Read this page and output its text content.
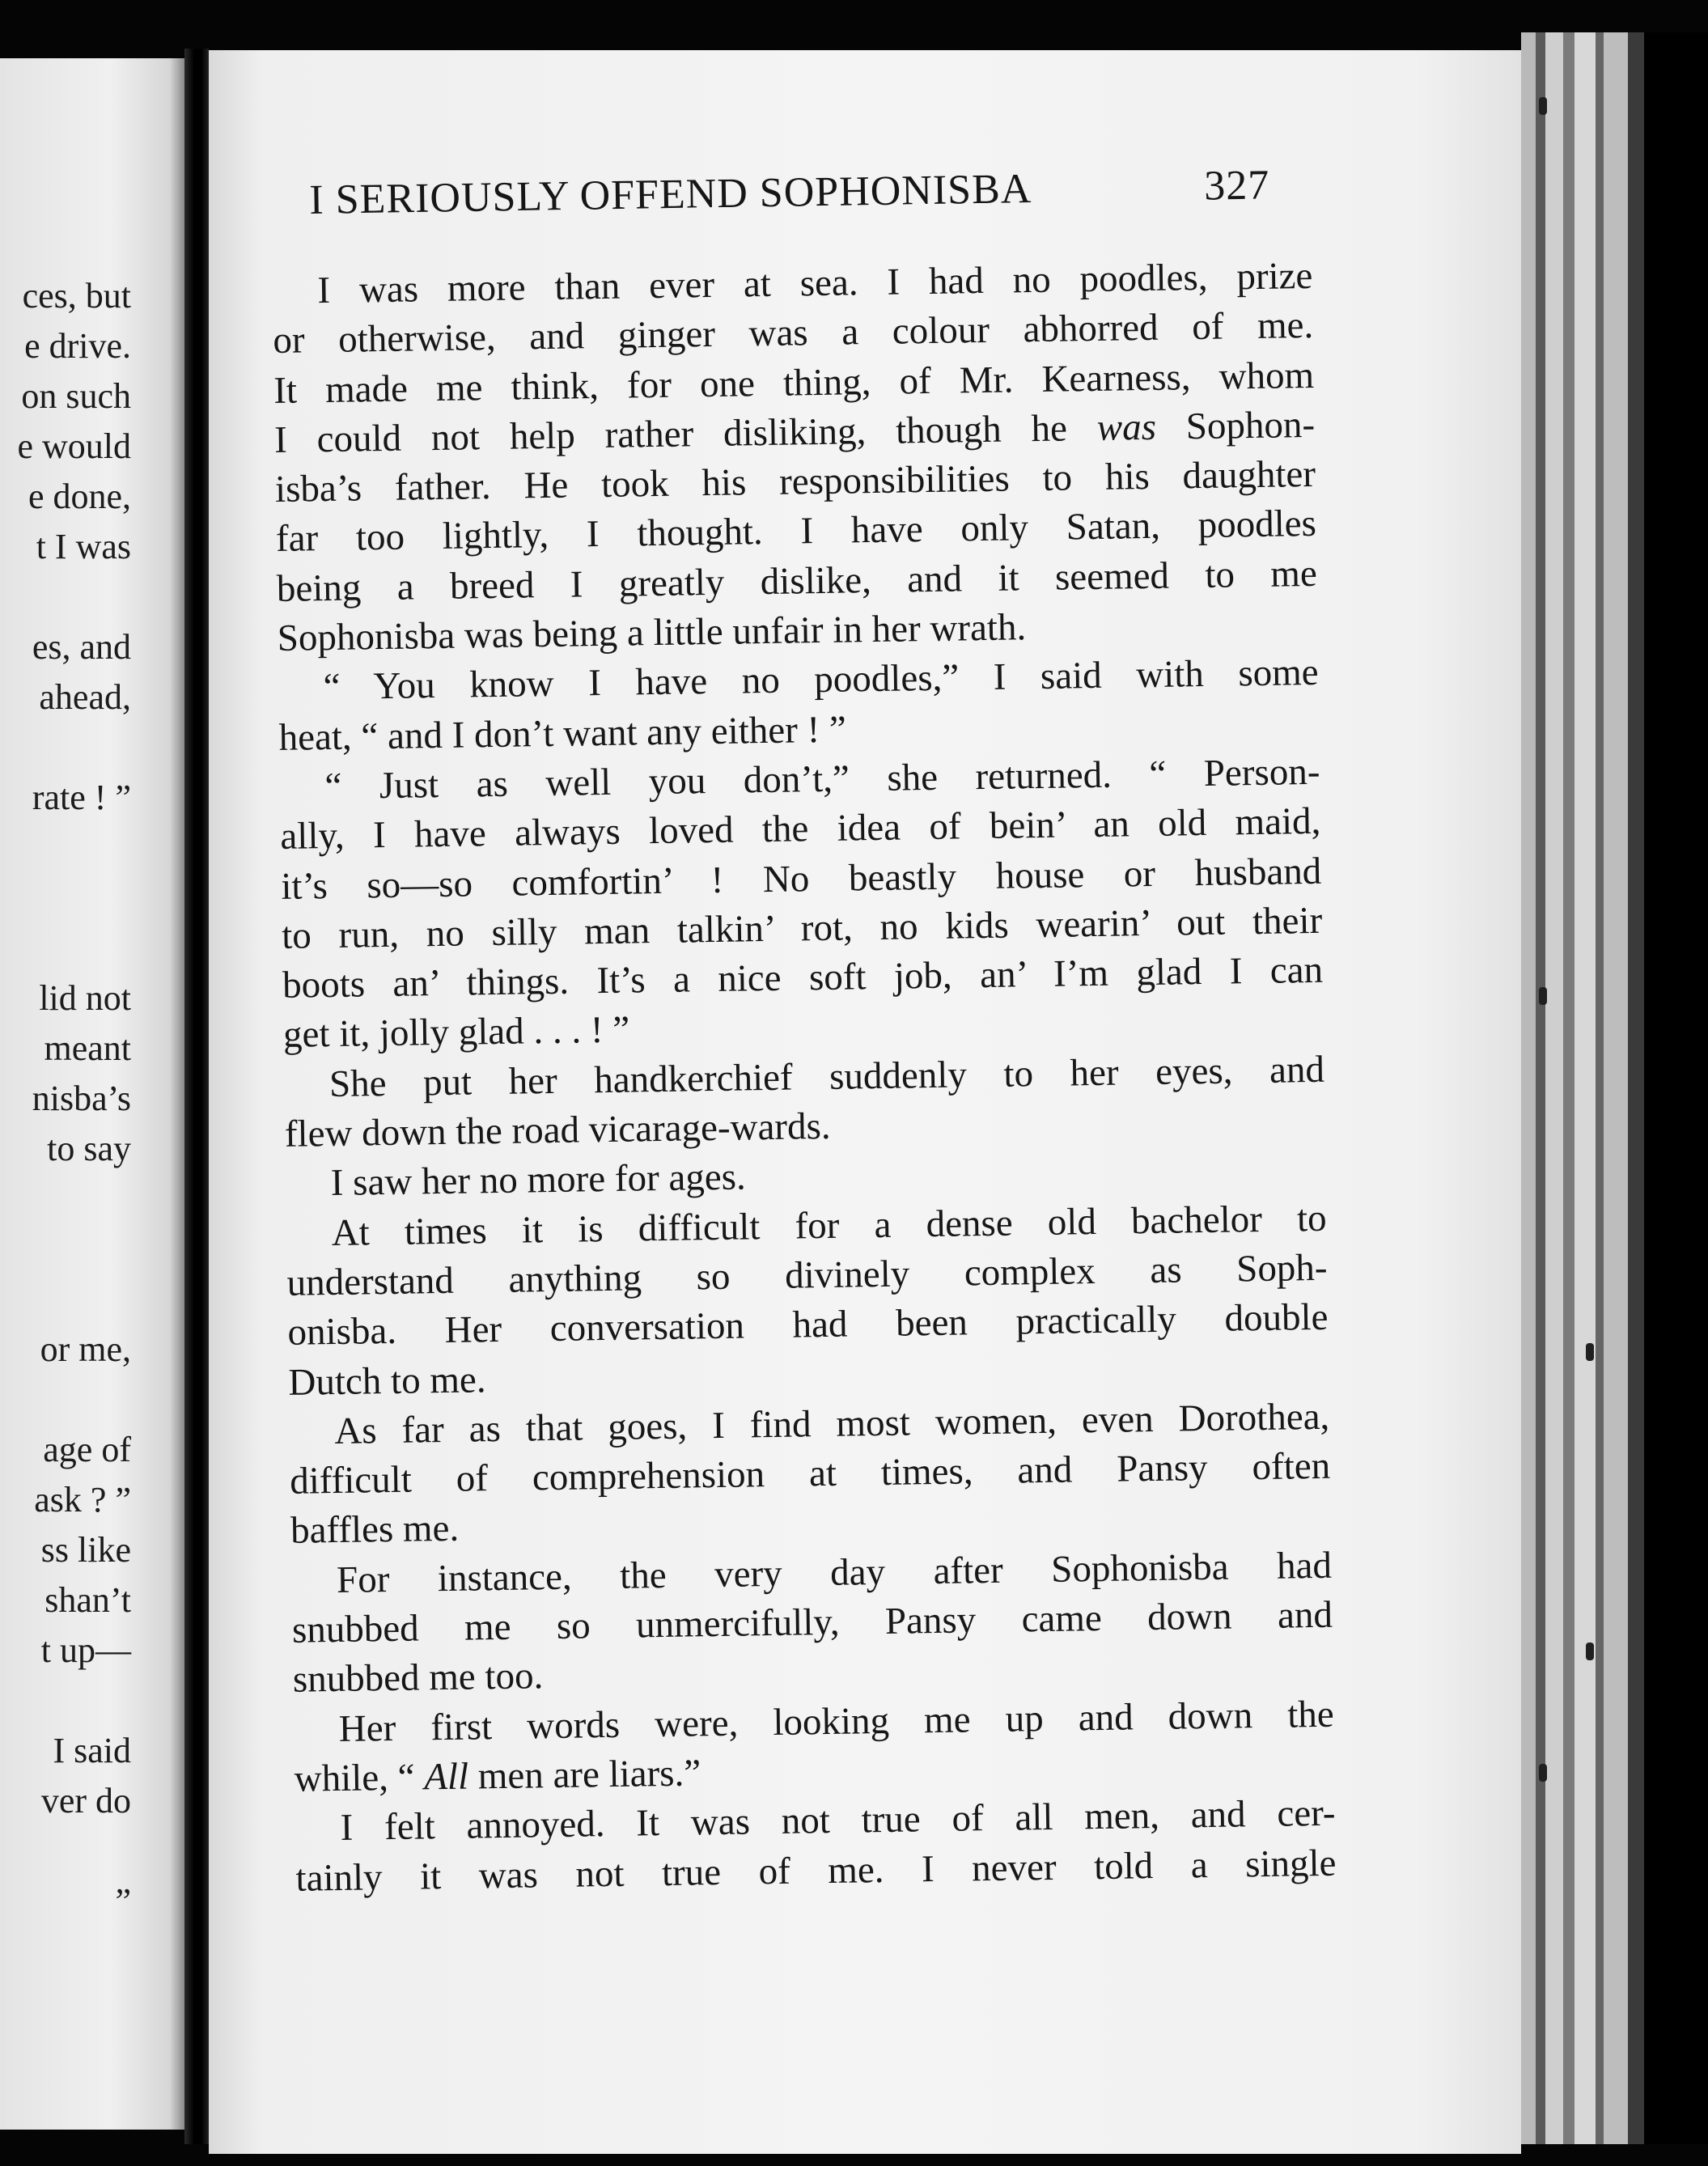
ces, but
e drive.
on such
e would
e done,
t I was
es, and
ahead,
rate ! ”
lid not
meant
nisba’s
to say
or me,
age of
ask ? ”
ss like
shan’t
t up—
I said
ver do
”
I SERIOUSLY OFFEND SOPHONISBA	327
I was more than ever at sea. I had no poodles, prize
or otherwise, and ginger was a colour abhorred of me.
It made me think, for one thing, of Mr. Kearness, whom
I could not help rather disliking, though he was Sophon-
isba’s father. He took his responsibilities to his daughter
far too lightly, I thought. I have only Satan, poodles
being a breed I greatly dislike, and it seemed to me
Sophonisba was being a little unfair in her wrath.
“ You know I have no poodles,” I said with some
heat, “ and I don’t want any either ! ”
“ Just as well you don’t,” she returned. “ Person-
ally, I have always loved the idea of bein’ an old maid,
it’s so—so comfortin’ ! No beastly house or husband
to run, no silly man talkin’ rot, no kids wearin’ out their
boots an’ things. It’s a nice soft job, an’ I’m glad I can
get it, jolly glad . . . ! ”
She put her handkerchief suddenly to her eyes, and
flew down the road vicarage-wards.
I saw her no more for ages.
At times it is difficult for a dense old bachelor to
understand anything so divinely complex as Soph-
onisba. Her conversation had been practically double
Dutch to me.
As far as that goes, I find most women, even Dorothea,
difficult of comprehension at times, and Pansy often
baffles me.
For instance, the very day after Sophonisba had
snubbed me so unmercifully, Pansy came down and
snubbed me too.
Her first words were, looking me up and down the
while, “ All men are liars.”
I felt annoyed. It was not true of all men, and cer-
tainly it was not true of me. I never told a single
